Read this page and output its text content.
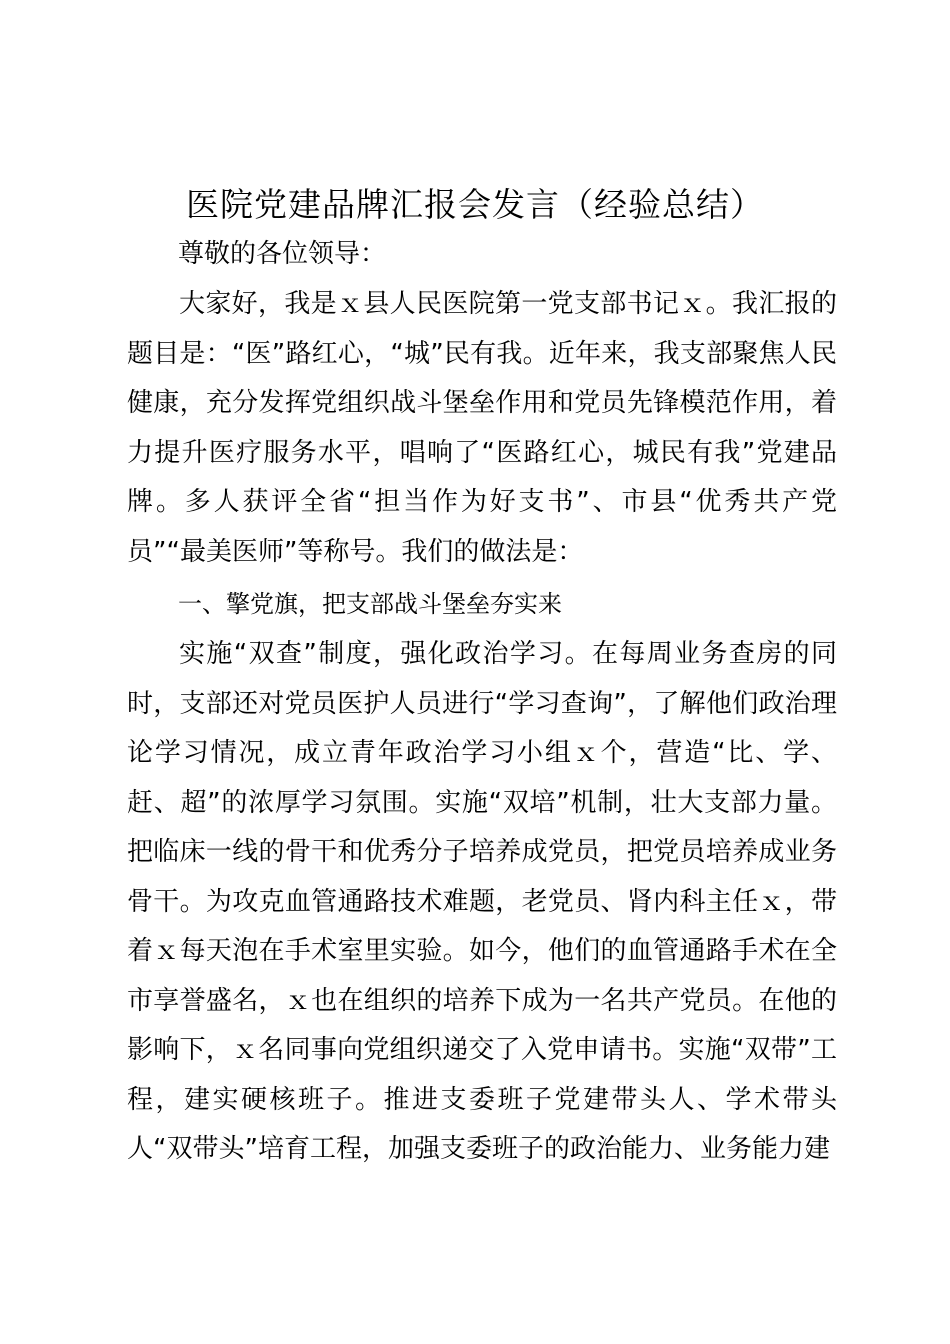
医院党建品牌汇报会发言（经验总结）
尊敬的各位领导：

大家好，我是ｘ县人民医院第一党支部书记ｘ。我汇报的题目是：“医”路红心，“城”民有我。近年来，我支部聚焦人民健康，充分发挥党组织战斗堡垒作用和党员先锋模范作用，着力提升医疗服务水平，唱响了“医路红心，城民有我”党建品牌。多人获评全省“担当作为好支书”、市县“优秀共产党员”“最美医师”等称号。我们的做法是：

一、擎党旗，把支部战斗堡垒夯实来

实施“双查”制度，强化政治学习。在每周业务查房的同时，支部还对党员医护人员进行“学习查询”，了解他们政治理论学习情况，成立青年政治学习小组ｘ个，营造“比、学、赶、超”的浓厚学习氛围。实施“双培”机制，壮大支部力量。把临床一线的骨干和优秀分子培养成党员，把党员培养成业务骨干。为攻克血管通路技术难题，老党员、肾内科主任ｘ，带着ｘ每天泡在手术室里实验。如今，他们的血管通路手术在全市享誉盛名，ｘ也在组织的培养下成为一名共产党员。在他的影响下，ｘ名同事向党组织递交了入党申请书。实施“双带”工程，建实硬核班子。推进支委班子党建带头人、学术带头人“双带头”培育工程，加强支委班子的政治能力、业务能力建
